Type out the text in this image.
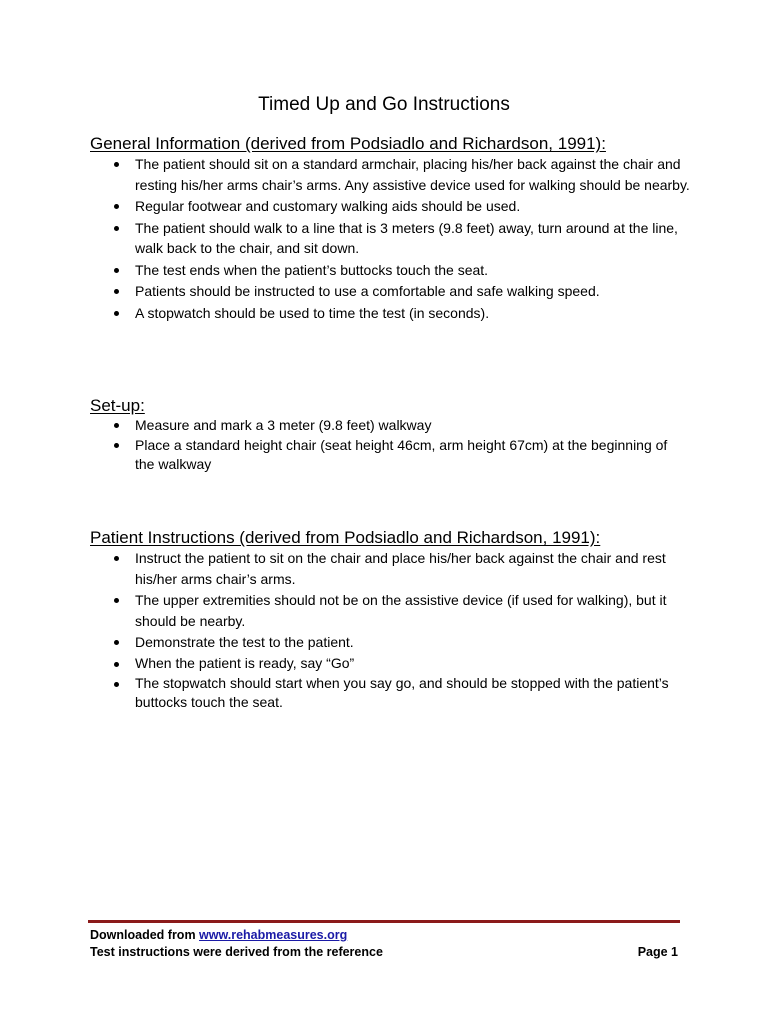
Timed Up and Go Instructions
General Information (derived from Podsiadlo and Richardson, 1991):
The patient should sit on a standard armchair, placing his/her back against the chair and resting his/her arms chair’s arms. Any assistive device used for walking should be nearby.
Regular footwear and customary walking aids should be used.
The patient should walk to a line that is 3 meters (9.8 feet) away, turn around at the line, walk back to the chair, and sit down.
The test ends when the patient’s buttocks touch the seat.
Patients should be instructed to use a comfortable and safe walking speed.
A stopwatch should be used to time the test (in seconds).
Set-up:
Measure and mark a 3 meter (9.8 feet) walkway
Place a standard height chair (seat height 46cm, arm height 67cm) at the beginning of the walkway
Patient Instructions (derived from Podsiadlo and Richardson, 1991):
Instruct the patient to sit on the chair and place his/her back against the chair and rest his/her arms chair’s arms.
The upper extremities should not be on the assistive device (if used for walking), but it should be nearby.
Demonstrate the test to the patient.
When the patient is ready, say “Go”
The stopwatch should start when you say go, and should be stopped with the patient’s buttocks touch the seat.
Downloaded from www.rehabmeasures.org
Test instructions were derived from the reference	Page 1
